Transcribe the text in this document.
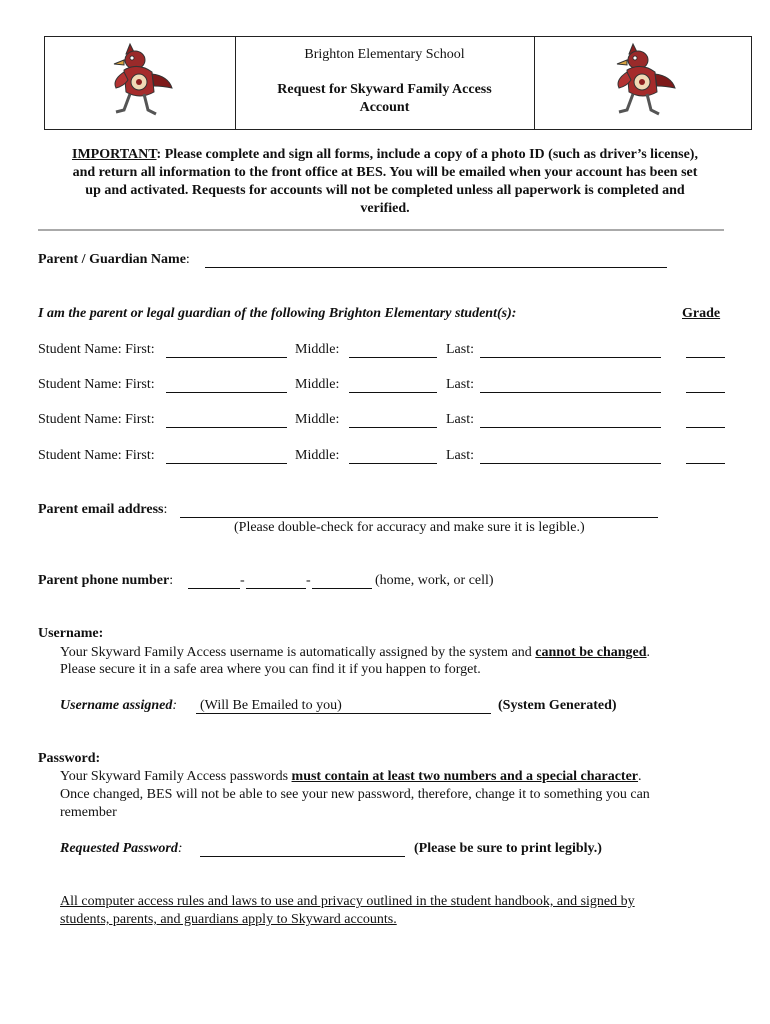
Brighton Elementary School
Request for Skyward Family Access
Account
IMPORTANT: Please complete and sign all forms, include a copy of a photo ID (such as driver’s license),
and return all information to the front office at BES. You will be emailed when your account has been set
up and activated. Requests for accounts will not be completed unless all paperwork is completed and
verified.
Parent / Guardian Name:
I am the parent or legal guardian of the following Brighton Elementary student(s):	Grade
Student Name: First:	Middle:	Last:
Student Name: First:	Middle:	Last:
Student Name: First:	Middle:	Last:
Student Name: First:	Middle:	Last:
Parent email address:
(Please double-check for accuracy and make sure it is legible.)
Parent phone number:	-	-	(home, work, or cell)
Username:
Your Skyward Family Access username is automatically assigned by the system and cannot be changed.
Please secure it in a safe area where you can find it if you happen to forget.
Username assigned: (Will Be Emailed to you)	(System Generated)
Password:
Your Skyward Family Access passwords must contain at least two numbers and a special character.
Once changed, BES will not be able to see your new password, therefore, change it to something you can
remember
Requested Password:	(Please be sure to print legibly.)
All computer access rules and laws to use and privacy outlined in the student handbook, and signed by
students, parents, and guardians apply to Skyward accounts.
